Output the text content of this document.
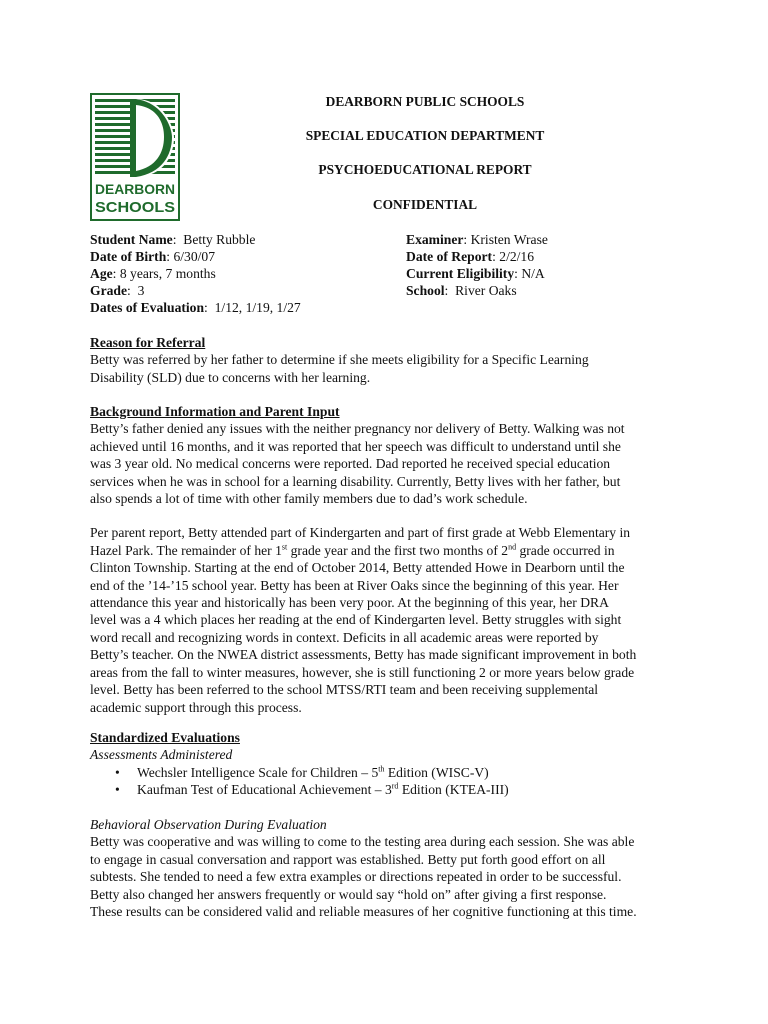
DEARBORN
SCHOOLS
DEARBORN PUBLIC SCHOOLS
SPECIAL EDUCATION DEPARTMENT
PSYCHOEDUCATIONAL REPORT
CONFIDENTIAL
Student Name:  Betty Rubble
Date of Birth: 6/30/07
Age: 8 years, 7 months
Grade:  3
Dates of Evaluation:  1/12, 1/19, 1/27
Examiner: Kristen Wrase
Date of Report: 2/2/16
Current Eligibility: N/A
School:  River Oaks
Reason for Referral

Betty was referred by her father to determine if she meets eligibility for a Specific Learning

Disability (SLD) due to concerns with her learning.

Background Information and Parent Input

Betty’s father denied any issues with the neither pregnancy nor delivery of Betty. Walking was not

achieved until 16 months, and it was reported that her speech was difficult to understand until she

was 3 year old. No medical concerns were reported. Dad reported he received special education

services when he was in school for a learning disability. Currently, Betty lives with her father, but

also spends a lot of time with other family members due to dad’s work schedule.

Per parent report, Betty attended part of Kindergarten and part of first grade at Webb Elementary in

Hazel Park. The remainder of her 1st grade year and the first two months of 2nd grade occurred in

Clinton Township. Starting at the end of October 2014, Betty attended Howe in Dearborn until the

end of the ’14-’15 school year. Betty has been at River Oaks since the beginning of this year. Her

attendance this year and historically has been very poor. At the beginning of this year, her DRA

level was a 4 which places her reading at the end of Kindergarten level. Betty struggles with sight

word recall and recognizing words in context. Deficits in all academic areas were reported by

Betty’s teacher. On the NWEA district assessments, Betty has made significant improvement in both

areas from the fall to winter measures, however, she is still functioning 2 or more years below grade

level. Betty has been referred to the school MTSS/RTI team and been receiving supplemental

academic support through this process.

Standardized Evaluations
Assessments Administered
•	Wechsler Intelligence Scale for Children – 5th Edition (WISC-V)
•	Kaufman Test of Educational Achievement – 3rd Edition (KTEA-III)
Behavioral Observation During Evaluation

Betty was cooperative and was willing to come to the testing area during each session. She was able

to engage in casual conversation and rapport was established. Betty put forth good effort on all

subtests. She tended to need a few extra examples or directions repeated in order to be successful.

Betty also changed her answers frequently or would say “hold on” after giving a first response.

These results can be considered valid and reliable measures of her cognitive functioning at this time.
